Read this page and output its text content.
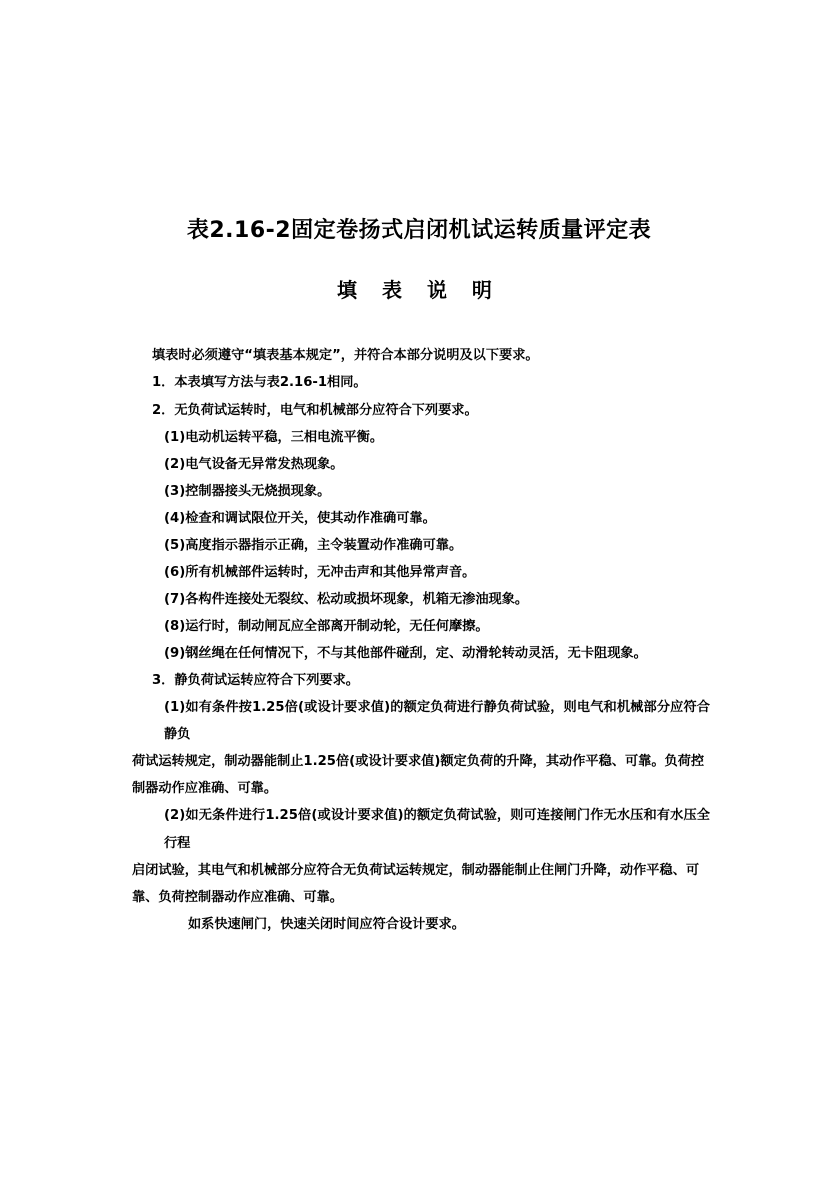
表2.16-2固定卷扬式启闭机试运转质量评定表
填 表 说 明

填表时必须遵守“填表基本规定”，并符合本部分说明及以下要求。

1．本表填写方法与表2.16-1相同。

2．无负荷试运转时，电气和机械部分应符合下列要求。

(1)电动机运转平稳，三相电流平衡。

(2)电气设备无异常发热现象。

(3)控制器接头无烧损现象。

(4)检查和调试限位开关，使其动作准确可靠。

(5)高度指示器指示正确，主令装置动作准确可靠。

(6)所有机械部件运转时，无冲击声和其他异常声音。

(7)各构件连接处无裂纹、松动或损坏现象，机箱无渗油现象。

(8)运行时，制动闸瓦应全部离开制动轮，无任何摩擦。

(9)钢丝绳在任何情况下，不与其他部件碰刮，定、动滑轮转动灵活，无卡阻现象。

3．静负荷试运转应符合下列要求。

(1)如有条件按1.25倍(或设计要求值)的额定负荷进行静负荷试验，则电气和机械部分应符合静负

荷试运转规定，制动器能制止1.25倍(或设计要求值)额定负荷的升降，其动作平稳、可靠。负荷控

制器动作应准确、可靠。

(2)如无条件进行1.25倍(或设计要求值)的额定负荷试验，则可连接闸门作无水压和有水压全行程

启闭试验，其电气和机械部分应符合无负荷试运转规定，制动器能制止住闸门升降，动作平稳、可

靠、负荷控制器动作应准确、可靠。

如系快速闸门，快速关闭时间应符合设计要求。
